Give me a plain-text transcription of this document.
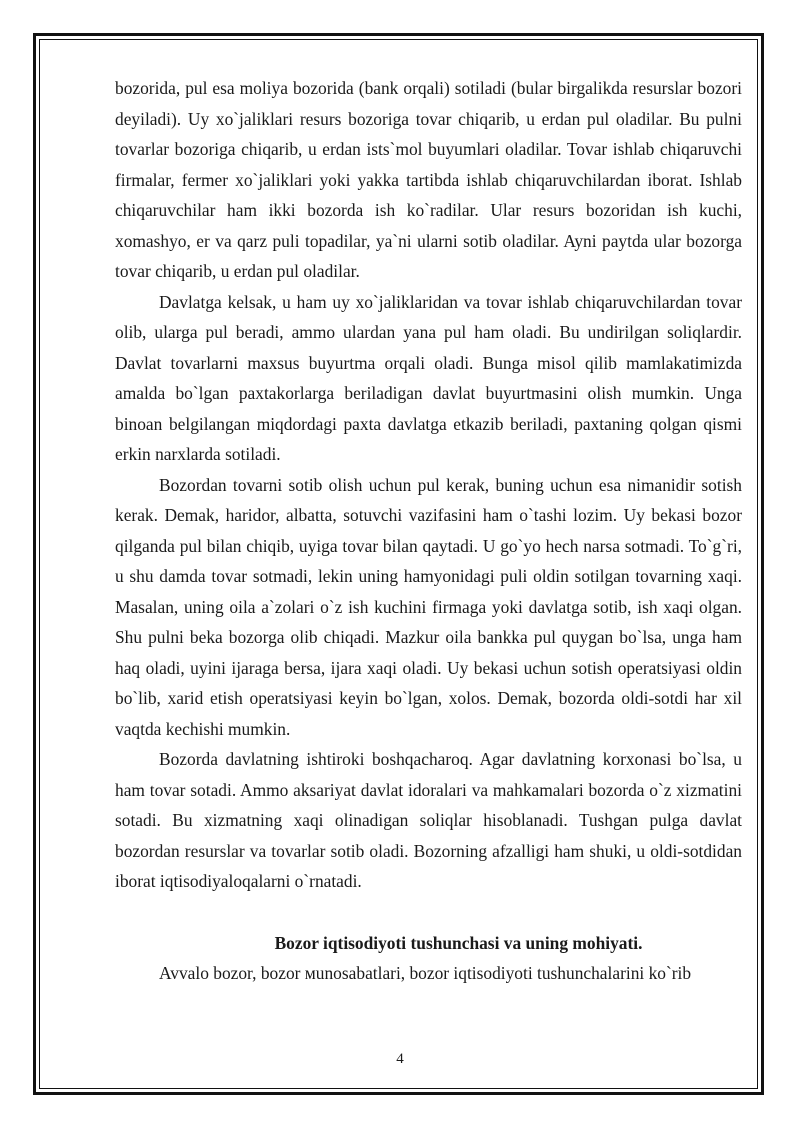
bozorida, pul esa moliya bozorida (bank orqali) sotiladi (bular birgalikda resurslar bozori deyiladi). Uy xo`jaliklari resurs bozoriga tovar chiqarib, u erdan pul oladilar. Bu pulni tovarlar bozoriga chiqarib, u erdan ists`mol buyumlari oladilar. Tovar ishlab chiqaruvchi firmalar, fermer xo`jaliklari yoki yakka tartibda ishlab chiqaruvchilardan iborat. Ishlab chiqaruvchilar ham ikki bozorda ish ko`radilar. Ular resurs bozoridan ish kuchi, xomashyo, er va qarz puli topadilar, ya`ni ularni sotib oladilar. Ayni paytda ular bozorga tovar chiqarib, u erdan pul oladilar.

Davlatga kelsak, u ham uy xo`jaliklaridan va tovar ishlab chiqaruvchilardan tovar olib, ularga pul beradi, ammo ulardan yana pul ham oladi. Bu undirilgan soliqlardir. Davlat tovarlarni maxsus buyurtma orqali oladi. Bunga misol qilib mamlakatimizda amalda bo`lgan paxtakorlarga beriladigan davlat buyurtmasini olish mumkin. Unga binoan belgilangan miqdordagi paxta davlatga etkazib beriladi, paxtaning qolgan qismi erkin narxlarda sotiladi.

Bozordan tovarni sotib olish uchun pul kerak, buning uchun esa nimanidir sotish kerak. Demak, haridor, albatta, sotuvchi vazifasini ham o`tashi lozim. Uy bekasi bozor qilganda pul bilan chiqib, uyiga tovar bilan qaytadi. U go`yo hech narsa sotmadi. To`g`ri, u shu damda tovar sotmadi, lekin uning hamyonidagi puli oldin sotilgan tovarning xaqi. Masalan, uning oila a`zolari o`z ish kuchini firmaga yoki davlatga sotib, ish xaqi olgan. Shu pulni beka bozorga olib chiqadi. Mazkur oila bankka pul quygan bo`lsa, unga ham haq oladi, uyini ijaraga bersa, ijara xaqi oladi. Uy bekasi uchun sotish operatsiyasi oldin bo`lib, xarid etish operatsiyasi keyin bo`lgan, xolos. Demak, bozorda oldi-sotdi har xil vaqtda kechishi mumkin.

Bozorda davlatning ishtiroki boshqacharoq. Agar davlatning korxonasi bo`lsa, u ham tovar sotadi. Ammo aksariyat davlat idoralari va mahkamalari bozorda o`z xizmatini sotadi. Bu xizmatning xaqi olinadigan soliqlar hisoblanadi. Tushgan pulga davlat bozordan resurslar va tovarlar sotib oladi. Bozorning afzalligi ham shuki, u oldi-sotdidan iborat iqtisodiyaloqalarni o`rnatadi.

Bozor iqtisodiyoti tushunchasi va uning mohiyati.

Avvalo bozor, bozor мunosabatlari, bozor iqtisodiyoti tushunchalarini ko`rib

4
